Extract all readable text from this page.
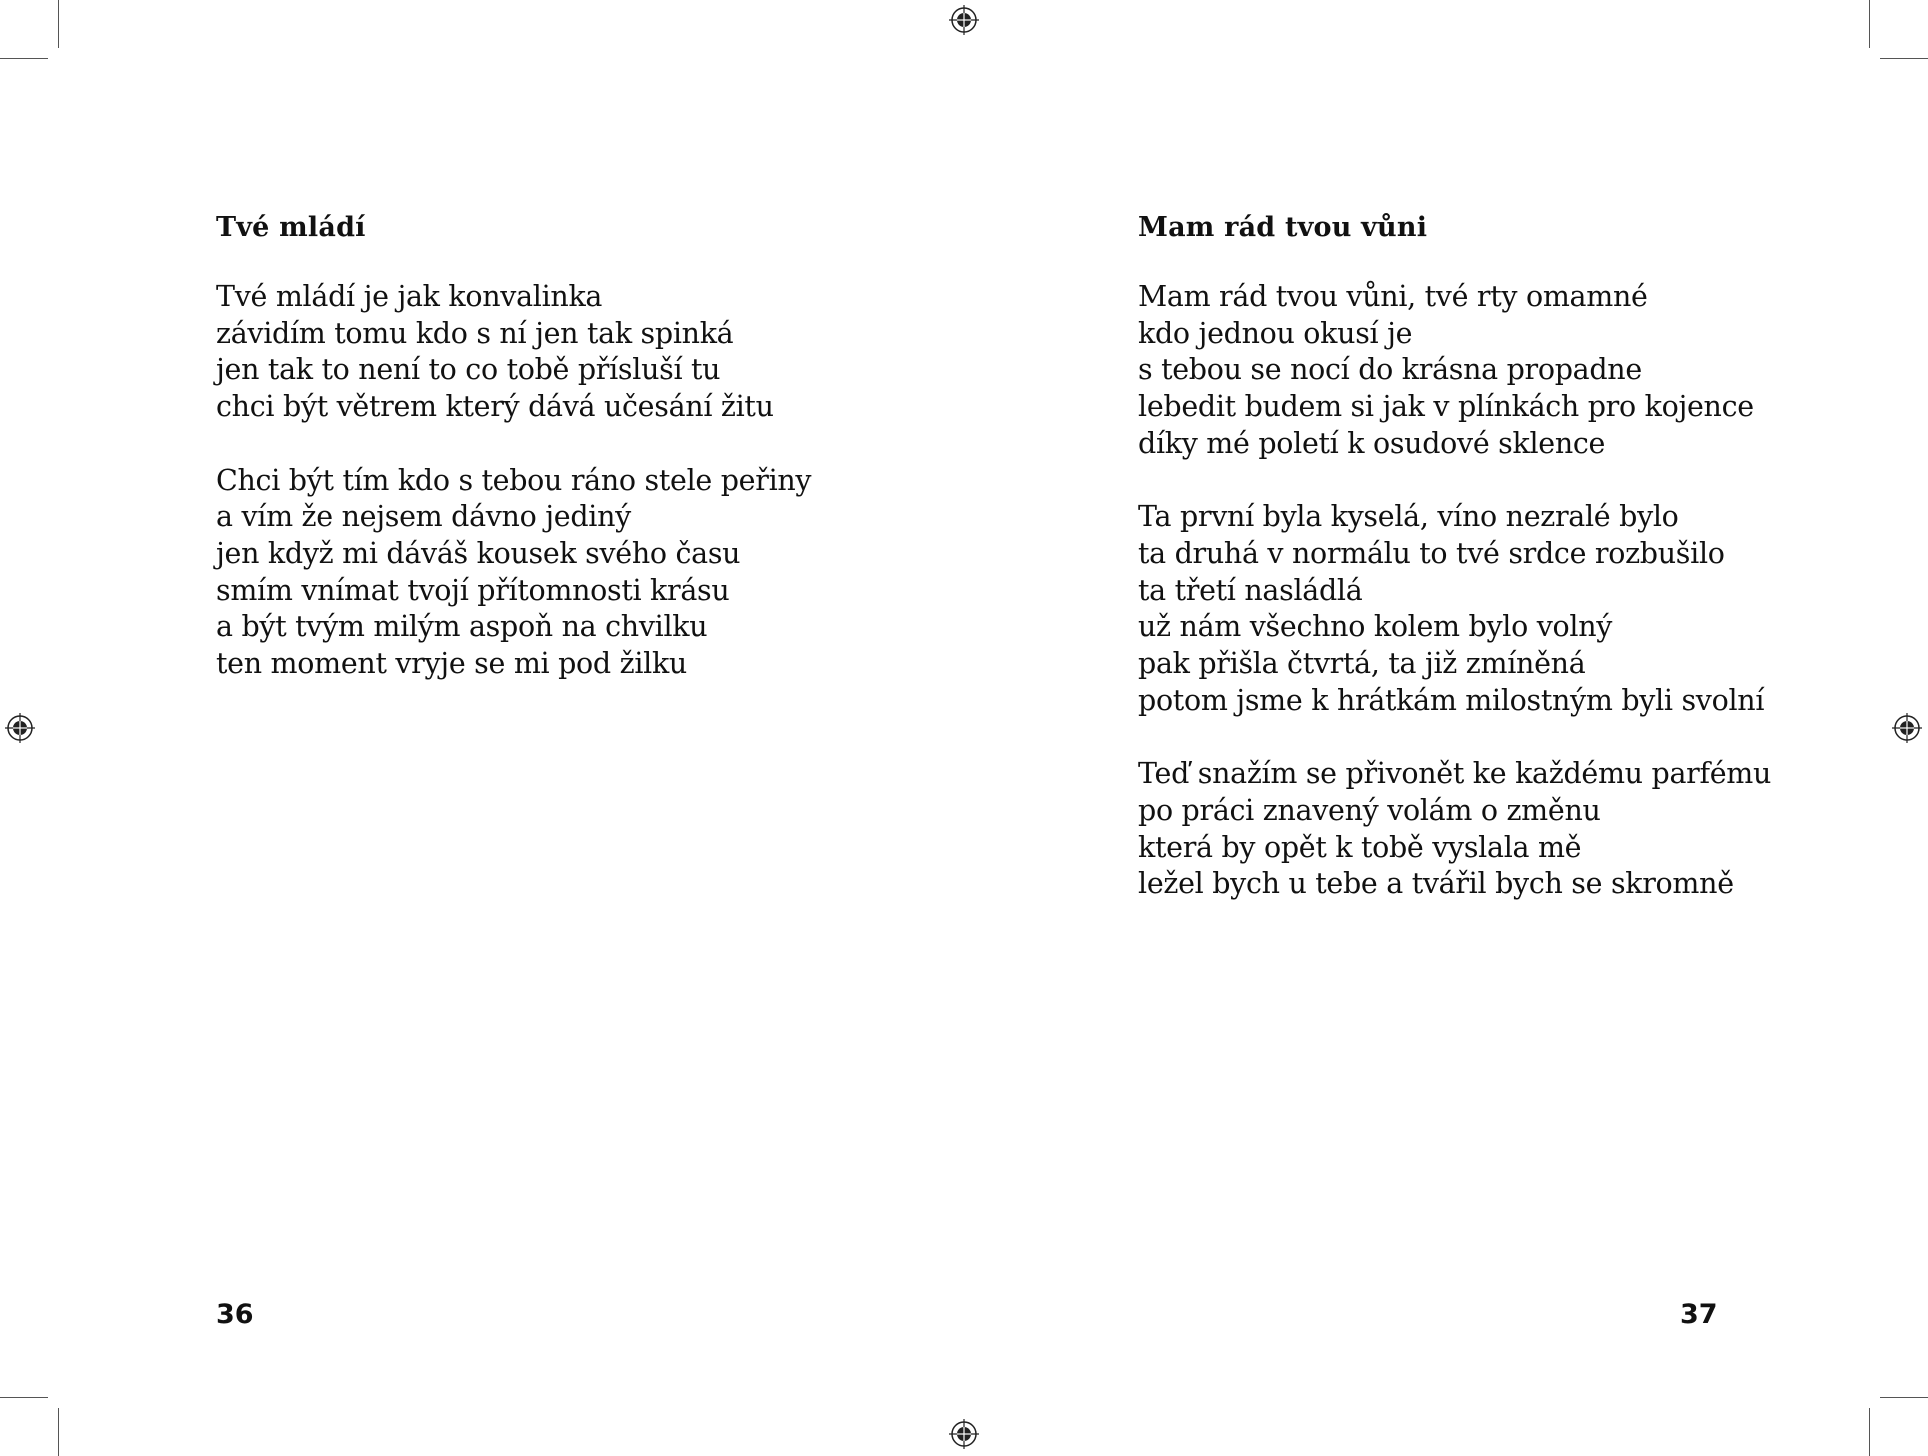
Tvé mládí
Tvé mládí je jak konvalinka
závidím tomu kdo s ní jen tak spinká
jen tak to není to co tobě přísluší tu
chci být větrem který dává učesání žitu
Chci být tím kdo s tebou ráno stele peřiny
a vím že nejsem dávno jediný
jen když mi dáváš kousek svého času
smím vnímat tvojí přítomnosti krásu
a být tvým milým aspoň na chvilku
ten moment vryje se mi pod žilku
Mam rád tvou vůni
Mam rád tvou vůni, tvé rty omamné
kdo jednou okusí je
s tebou se nocí do krásna propadne
lebedit budem si jak v plínkách pro kojence
díky mé poletí k osudové sklence
Ta první byla kyselá, víno nezralé bylo
ta druhá v normálu to tvé srdce rozbušilo
ta třetí nasládlá
už nám všechno kolem bylo volný
pak přišla čtvrtá, ta již zmíněná
potom jsme k hrátkám milostným byli svolní
Teď snažím se přivonět ke každému parfému
po práci znavený volám o změnu
která by opět k tobě vyslala mě
ležel bych u tebe a tvářil bych se skromně
36	37
